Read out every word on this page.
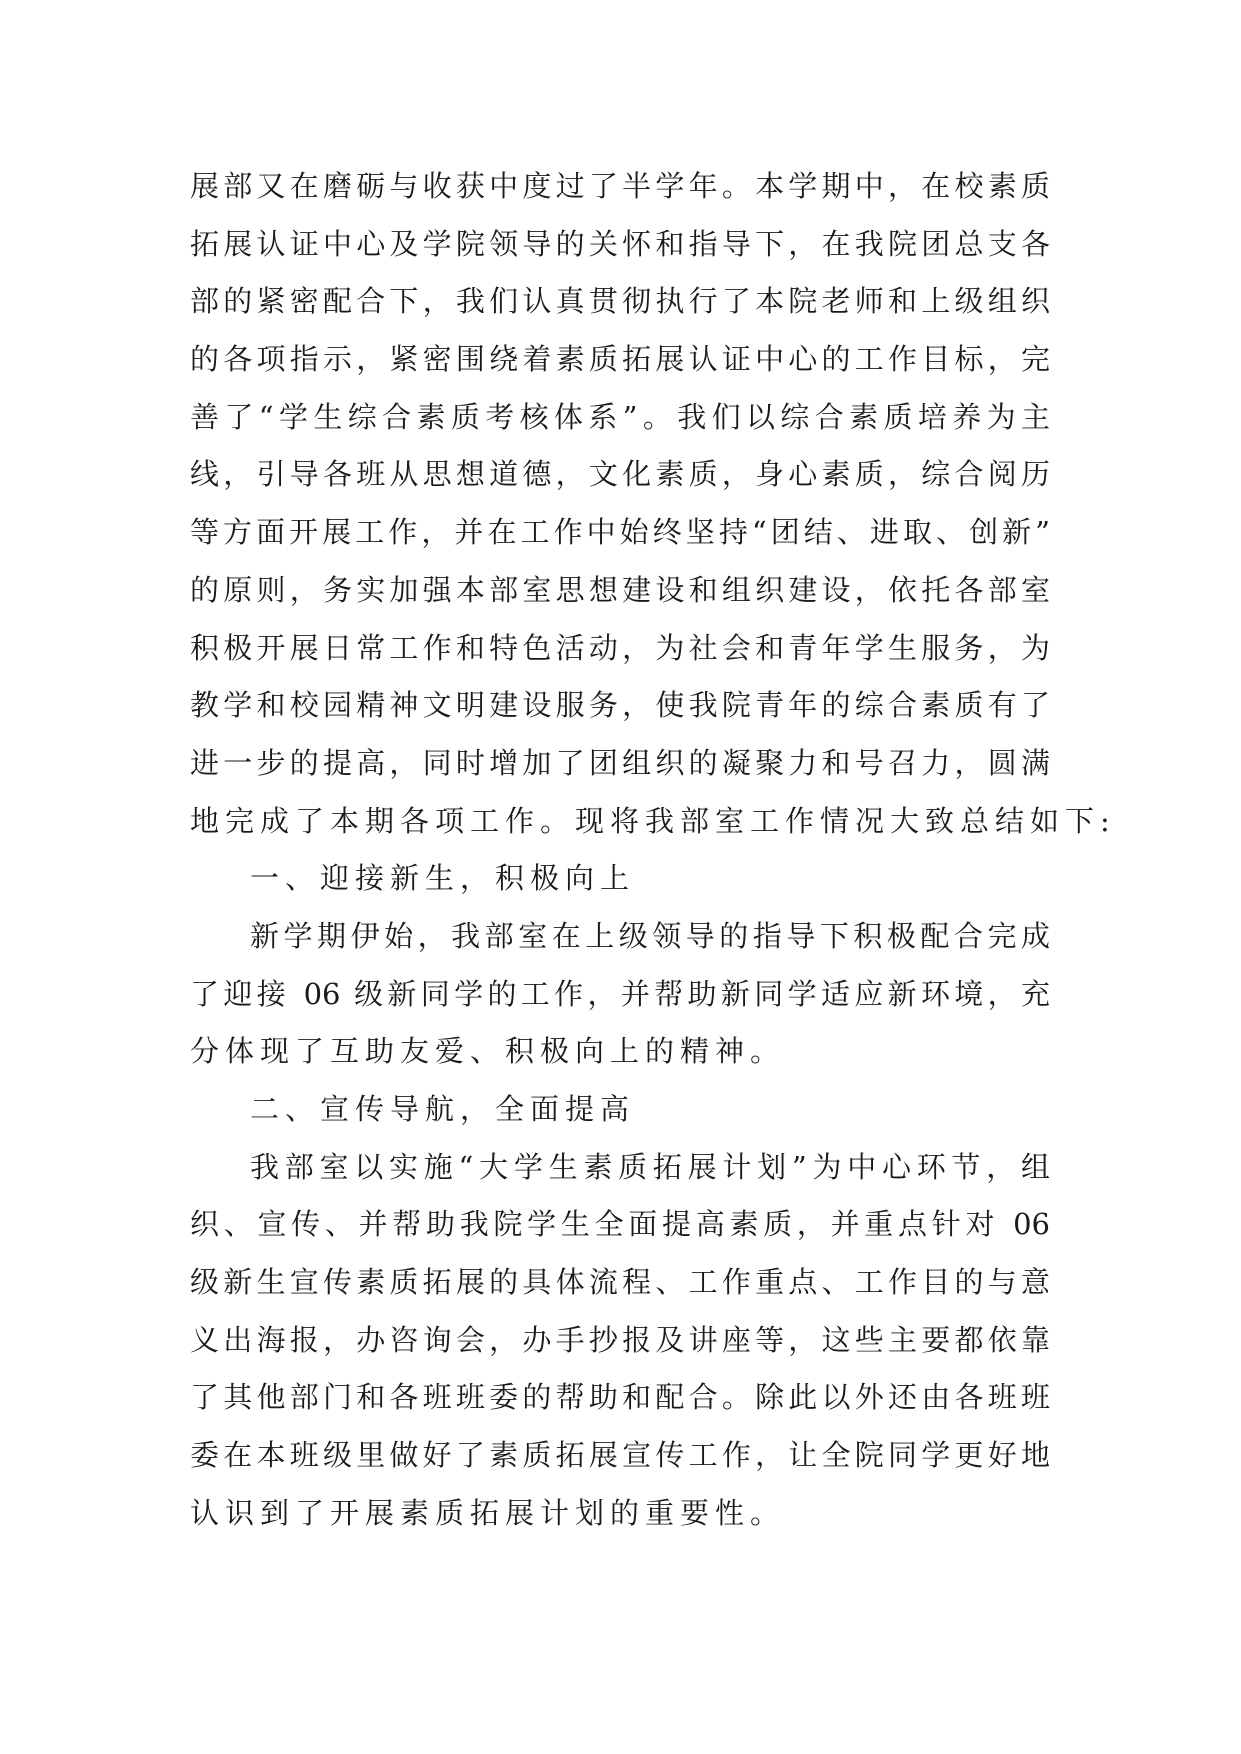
展部又在磨砺与收获中度过了半学年。本学期中，在校素质
拓展认证中心及学院领导的关怀和指导下，在我院团总支各
部的紧密配合下，我们认真贯彻执行了本院老师和上级组织
的各项指示，紧密围绕着素质拓展认证中心的工作目标，完
善了“学生综合素质考核体系”。我们以综合素质培养为主
线，引导各班从思想道德，文化素质，身心素质，综合阅历
等方面开展工作，并在工作中始终坚持“团结、进取、创新”
的原则，务实加强本部室思想建设和组织建设，依托各部室
积极开展日常工作和特色活动，为社会和青年学生服务，为
教学和校园精神文明建设服务，使我院青年的综合素质有了
进一步的提高，同时增加了团组织的凝聚力和号召力，圆满
地完成了本期各项工作。现将我部室工作情况大致总结如下:
一、迎接新生，积极向上
新学期伊始，我部室在上级领导的指导下积极配合完成
了迎接 06 级新同学的工作，并帮助新同学适应新环境，充
分体现了互助友爱、积极向上的精神。
二、宣传导航，全面提高
我部室以实施“大学生素质拓展计划”为中心环节，组
织、宣传、并帮助我院学生全面提高素质，并重点针对 06
级新生宣传素质拓展的具体流程、工作重点、工作目的与意
义出海报，办咨询会，办手抄报及讲座等，这些主要都依靠
了其他部门和各班班委的帮助和配合。除此以外还由各班班
委在本班级里做好了素质拓展宣传工作，让全院同学更好地
认识到了开展素质拓展计划的重要性。
